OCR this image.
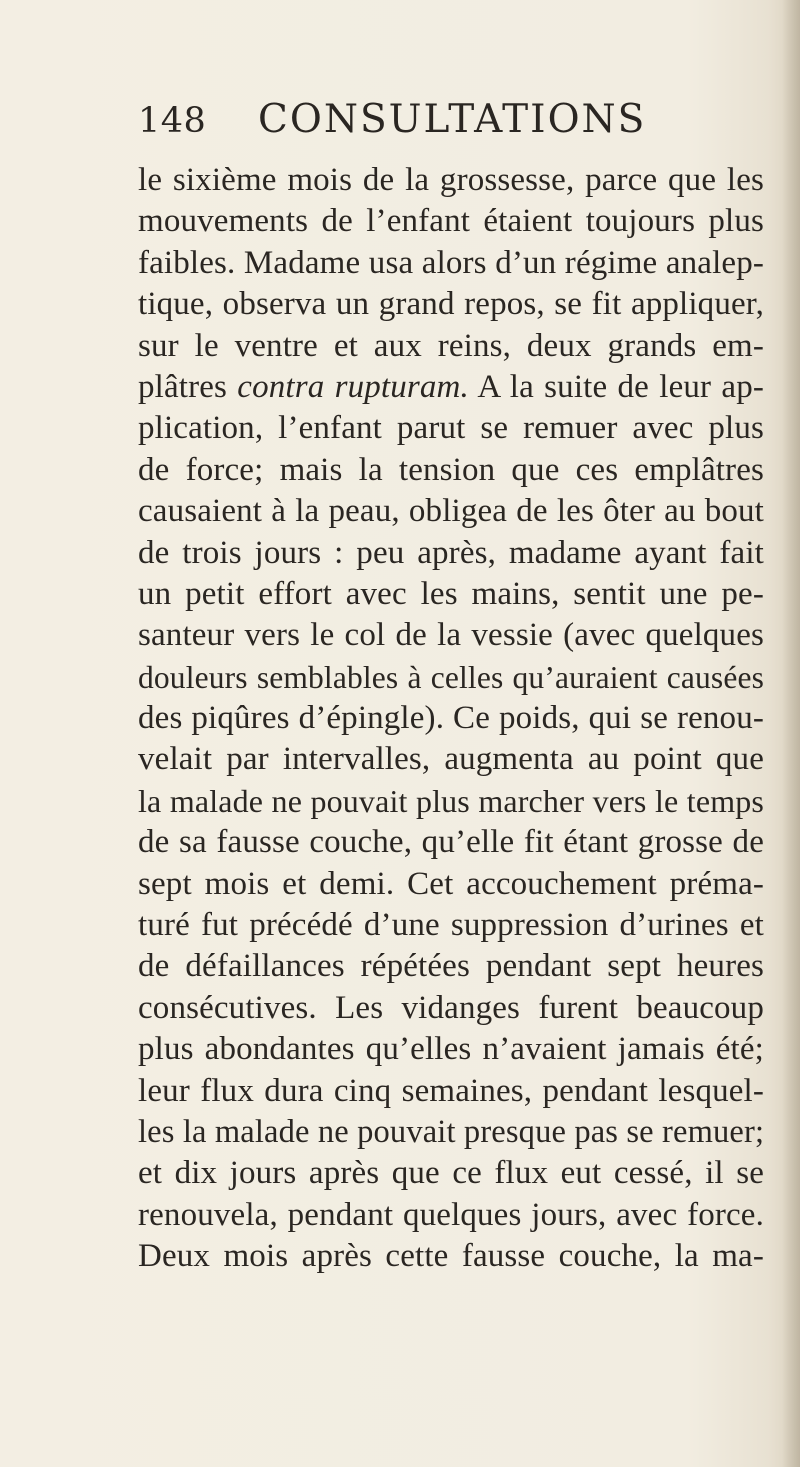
148 CONSULTATIONS
le sixième mois de la grossesse, parce que les
mouvements de l’enfant étaient toujours plus
faibles. Madame usa alors d’un régime analep-
tique, observa un grand repos, se fit appliquer,
sur le ventre et aux reins, deux grands em-
plâtres contra rupturam. A la suite de leur ap-
plication, l’enfant parut se remuer avec plus
de force; mais la tension que ces emplâtres
causaient à la peau, obligea de les ôter au bout
de trois jours : peu après, madame ayant fait
un petit effort avec les mains, sentit une pe-
santeur vers le col de la vessie (avec quelques
douleurs semblables à celles qu’auraient causées
des piqûres d’épingle). Ce poids, qui se renou-
velait par intervalles, augmenta au point que
la malade ne pouvait plus marcher vers le temps
de sa fausse couche, qu’elle fit étant grosse de
sept mois et demi. Cet accouchement préma-
turé fut précédé d’une suppression d’urines et
de défaillances répétées pendant sept heures
consécutives. Les vidanges furent beaucoup
plus abondantes qu’elles n’avaient jamais été;
leur flux dura cinq semaines, pendant lesquel-
les la malade ne pouvait presque pas se remuer;
et dix jours après que ce flux eut cessé, il se
renouvela, pendant quelques jours, avec force.
Deux mois après cette fausse couche, la ma-
